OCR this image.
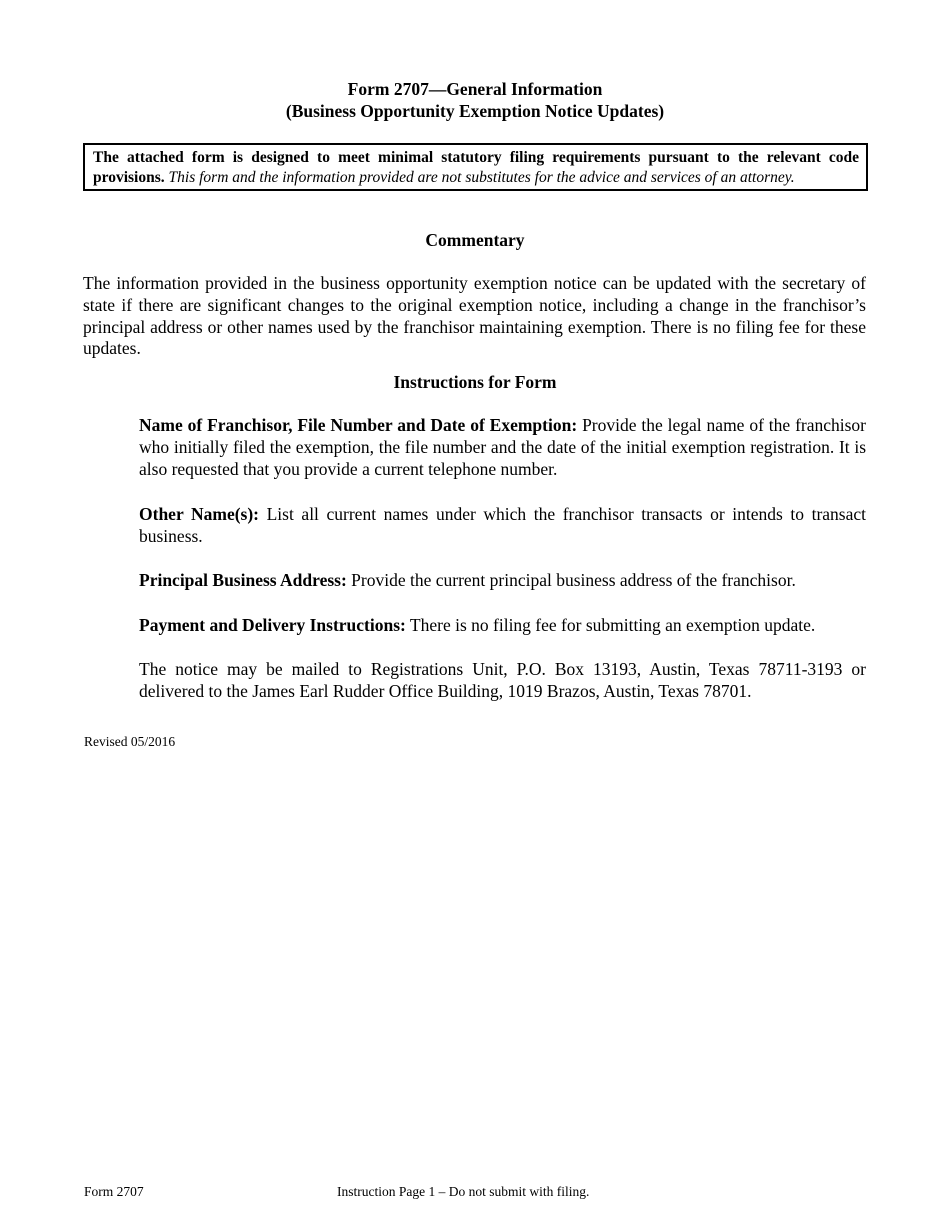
Form 2707—General Information
(Business Opportunity Exemption Notice Updates)
The attached form is designed to meet minimal statutory filing requirements pursuant to the relevant code provisions. This form and the information provided are not substitutes for the advice and services of an attorney.
Commentary

The information provided in the business opportunity exemption notice can be updated with the secretary of state if there are significant changes to the original exemption notice, including a change in the franchisor’s principal address or other names used by the franchisor maintaining exemption. There is no filing fee for these updates.

Instructions for Form

Name of Franchisor, File Number and Date of Exemption: Provide the legal name of the franchisor who initially filed the exemption, the file number and the date of the initial exemption registration. It is also requested that you provide a current telephone number.

Other Name(s): List all current names under which the franchisor transacts or intends to transact business.

Principal Business Address: Provide the current principal business address of the franchisor.

Payment and Delivery Instructions: There is no filing fee for submitting an exemption update.

The notice may be mailed to Registrations Unit, P.O. Box 13193, Austin, Texas 78711-3193 or delivered to the James Earl Rudder Office Building, 1019 Brazos, Austin, Texas 78701.

Revised 05/2016
Form 2707	Instruction Page 1 – Do not submit with filing.
